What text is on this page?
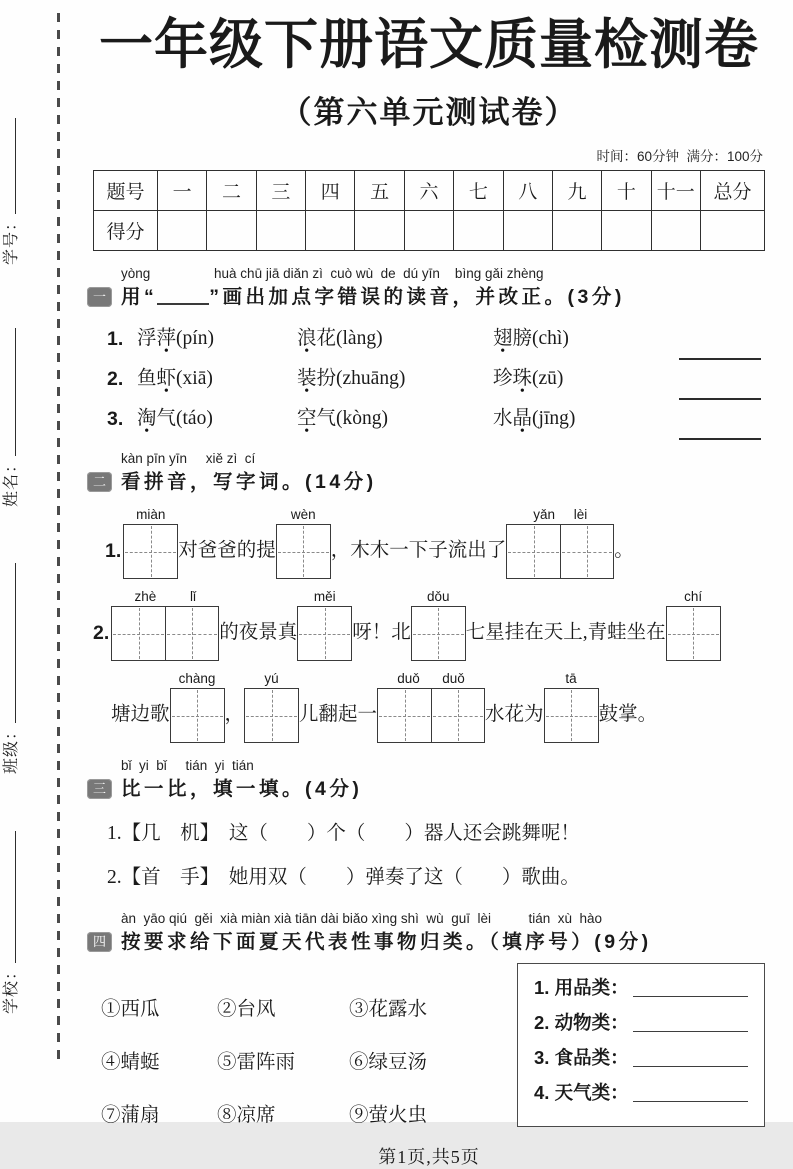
学号：
姓名：
班级：
学校：
一年级下册语文质量检测卷
（第六单元测试卷）
时间：60分钟  满分：100分
题号	一	二	三	四	五	六	七	八	九	十	十一	总分
得分												
一
yòng                 huà chū jiā diǎn zì  cuò wù  de  dú yīn    bìng gǎi zhèng
用“	”画出加点字错误的读音，并改正。(3分)
1. 浮萍(pín)	浪花(làng)	翅膀(chì)
2. 鱼虾(xiā)	装扮(zhuāng)	珍珠(zū)
3. 淘气(táo)	空气(kòng)	水晶(jīng)
二
kàn pīn yīn     xiě zì  cí
看拼音，写字词。(14分)
1.
miàn
对爸爸的提
wèn
，木木一下子流出了
yǎn     lèi
。
2.
zhè         lǐ
的夜景真
měi
呀！北
dǒu
七星挂在天上,青蛙坐在
chí
塘边歌
chàng
，
yú
儿翻起一
duǒ      duǒ
水花为
tā
鼓掌。
三
bǐ  yi  bǐ     tián  yi  tián
比一比，填一填。(4分)
1.【几　机】  这（　　）个（　　）器人还会跳舞呢！
2.【首　手】  她用双（　　）弹奏了这（　　）歌曲。
四
àn  yāo qiú  gěi  xià miàn xià tiān dài biǎo xìng shì  wù  guī  lèi          tián  xù  hào
按要求给下面夏天代表性事物归类。（填序号）(9分)
①西瓜	②台风	③花露水
④蜻蜓	⑤雷阵雨	⑥绿豆汤
⑦蒲扇	⑧凉席	⑨萤火虫
1. 用品类：
2. 动物类：
3. 食品类：
4. 天气类：
第1页,共5页
